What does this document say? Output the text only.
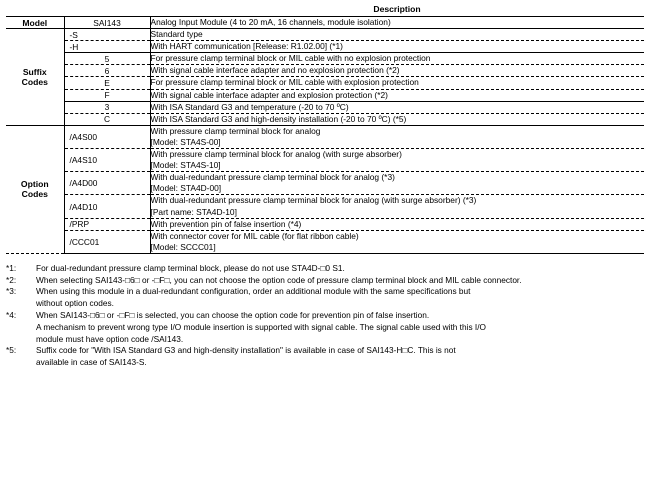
		Description
Model	SAI143	Analog Input Module (4 to 20 mA, 16 channels, module isolation)
Suffix
Codes	-S	Standard type
	-H	With HART communication [Release: R1.02.00] (*1)
	5	For pressure clamp terminal block or MIL cable with no explosion protection
	6	With signal cable interface adapter and no explosion protection (*2)
	E	For pressure clamp terminal block or MIL cable with explosion protection
	F	With signal cable interface adapter and explosion protection (*2)
	3	With ISA Standard G3 and temperature (-20 to 70 ºC)
	C	With ISA Standard G3 and high-density installation (-20 to 70 ºC) (*5)
Option
Codes	/A4S00	With pressure clamp terminal block for analog
[Model: STA4S-00]
	/A4S10	With pressure clamp terminal block for analog (with surge absorber)
[Model: STA4S-10]
	/A4D00	With dual-redundant pressure clamp terminal block for analog (*3)
[Model: STA4D-00]
	/A4D10	With dual-redundant pressure clamp terminal block for analog (with surge absorber) (*3)
[Part name: STA4D-10]
	/PRP	With prevention pin of false insertion (*4)
	/CCC01	With connector cover for MIL cable (for flat ribbon cable)
[Model: SCCC01]
*1:	For dual-redundant pressure clamp terminal block, please do not use STA4D-□0 S1.
*2:	When selecting SAI143-□6□ or -□F□, you can not choose the option code of pressure clamp terminal block and MIL cable connector.
*3:	When using this module in a dual-redundant configuration, order an additional module with the same specifications but
without option codes.
*4:	When SAI143-□6□ or -□F□ is selected, you can choose the option code for prevention pin of false insertion.
A mechanism to prevent wrong type I/O module insertion is supported with signal cable. The signal cable used with this I/O
module must have option code /SAI143.
*5:	Suffix code for "With ISA Standard G3 and high-density installation" is available in case of SAI143-H□C. This is not
available in case of SAI143-S.
